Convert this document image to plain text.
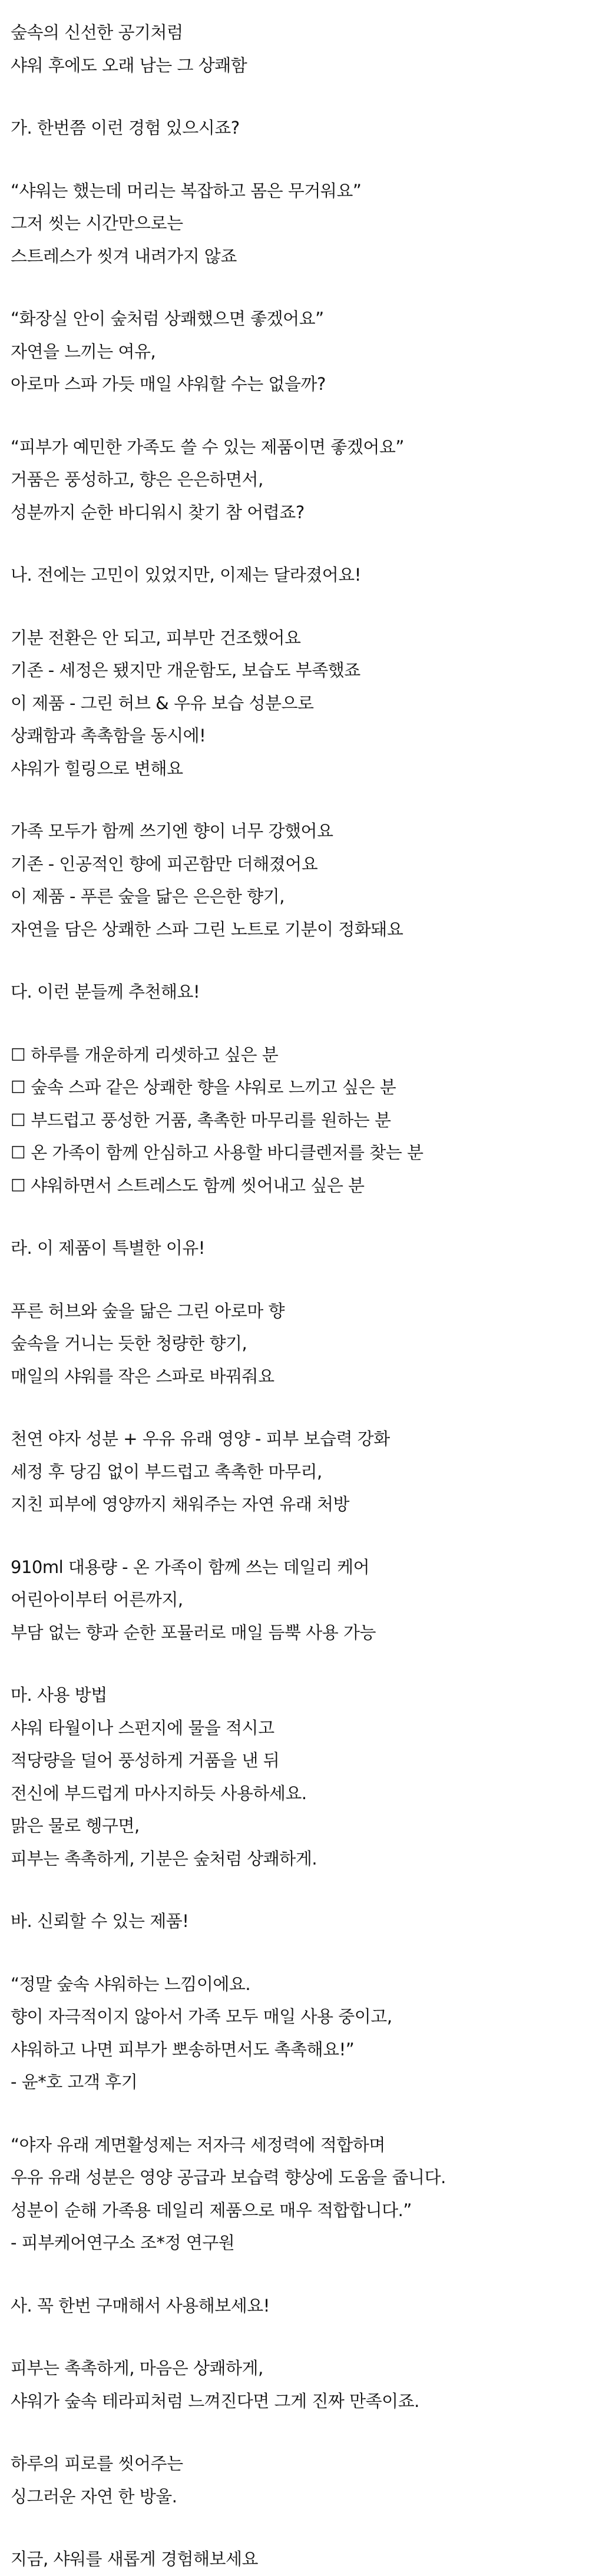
숲속의 신선한 공기처럼
샤워 후에도 오래 남는 그 상쾌함
가. 한번쯤 이런 경험 있으시죠?
“샤워는 했는데 머리는 복잡하고 몸은 무거워요”
그저 씻는 시간만으로는
스트레스가 씻겨 내려가지 않죠
“화장실 안이 숲처럼 상쾌했으면 좋겠어요”
자연을 느끼는 여유,
아로마 스파 가듯 매일 샤워할 수는 없을까?
“피부가 예민한 가족도 쓸 수 있는 제품이면 좋겠어요”
거품은 풍성하고, 향은 은은하면서,
성분까지 순한 바디워시 찾기 참 어렵죠?
나. 전에는 고민이 있었지만, 이제는 달라졌어요!
기분 전환은 안 되고, 피부만 건조했어요
기존 - 세정은 됐지만 개운함도, 보습도 부족했죠
이 제품 - 그린 허브 & 우유 보습 성분으로
상쾌함과 촉촉함을 동시에!
샤워가 힐링으로 변해요
가족 모두가 함께 쓰기엔 향이 너무 강했어요
기존 - 인공적인 향에 피곤함만 더해졌어요
이 제품 - 푸른 숲을 닮은 은은한 향기,
자연을 담은 상쾌한 스파 그린 노트로 기분이 정화돼요
다. 이런 분들께 추천해요!
☐ 하루를 개운하게 리셋하고 싶은 분
☐ 숲속 스파 같은 상쾌한 향을 샤워로 느끼고 싶은 분
☐ 부드럽고 풍성한 거품, 촉촉한 마무리를 원하는 분
☐ 온 가족이 함께 안심하고 사용할 바디클렌저를 찾는 분
☐ 샤워하면서 스트레스도 함께 씻어내고 싶은 분
라. 이 제품이 특별한 이유!
푸른 허브와 숲을 닮은 그린 아로마 향
숲속을 거니는 듯한 청량한 향기,
매일의 샤워를 작은 스파로 바꿔줘요
천연 야자 성분 + 우유 유래 영양 - 피부 보습력 강화
세정 후 당김 없이 부드럽고 촉촉한 마무리,
지친 피부에 영양까지 채워주는 자연 유래 처방
910ml 대용량 - 온 가족이 함께 쓰는 데일리 케어
어린아이부터 어른까지,
부담 없는 향과 순한 포뮬러로 매일 듬뿍 사용 가능
마. 사용 방법
샤워 타월이나 스펀지에 물을 적시고
적당량을 덜어 풍성하게 거품을 낸 뒤
전신에 부드럽게 마사지하듯 사용하세요.
맑은 물로 헹구면,
피부는 촉촉하게, 기분은 숲처럼 상쾌하게.
바. 신뢰할 수 있는 제품!
“정말 숲속 샤워하는 느낌이에요.
향이 자극적이지 않아서 가족 모두 매일 사용 중이고,
샤워하고 나면 피부가 뽀송하면서도 촉촉해요!”
- 윤*호 고객 후기
“야자 유래 계면활성제는 저자극 세정력에 적합하며
우유 유래 성분은 영양 공급과 보습력 향상에 도움을 줍니다.
성분이 순해 가족용 데일리 제품으로 매우 적합합니다.”
- 피부케어연구소 조*정 연구원
사. 꼭 한번 구매해서 사용해보세요!
피부는 촉촉하게, 마음은 상쾌하게,
샤워가 숲속 테라피처럼 느껴진다면 그게 진짜 만족이죠.
하루의 피로를 씻어주는
싱그러운 자연 한 방울.
지금, 샤워를 새롭게 경험해보세요
